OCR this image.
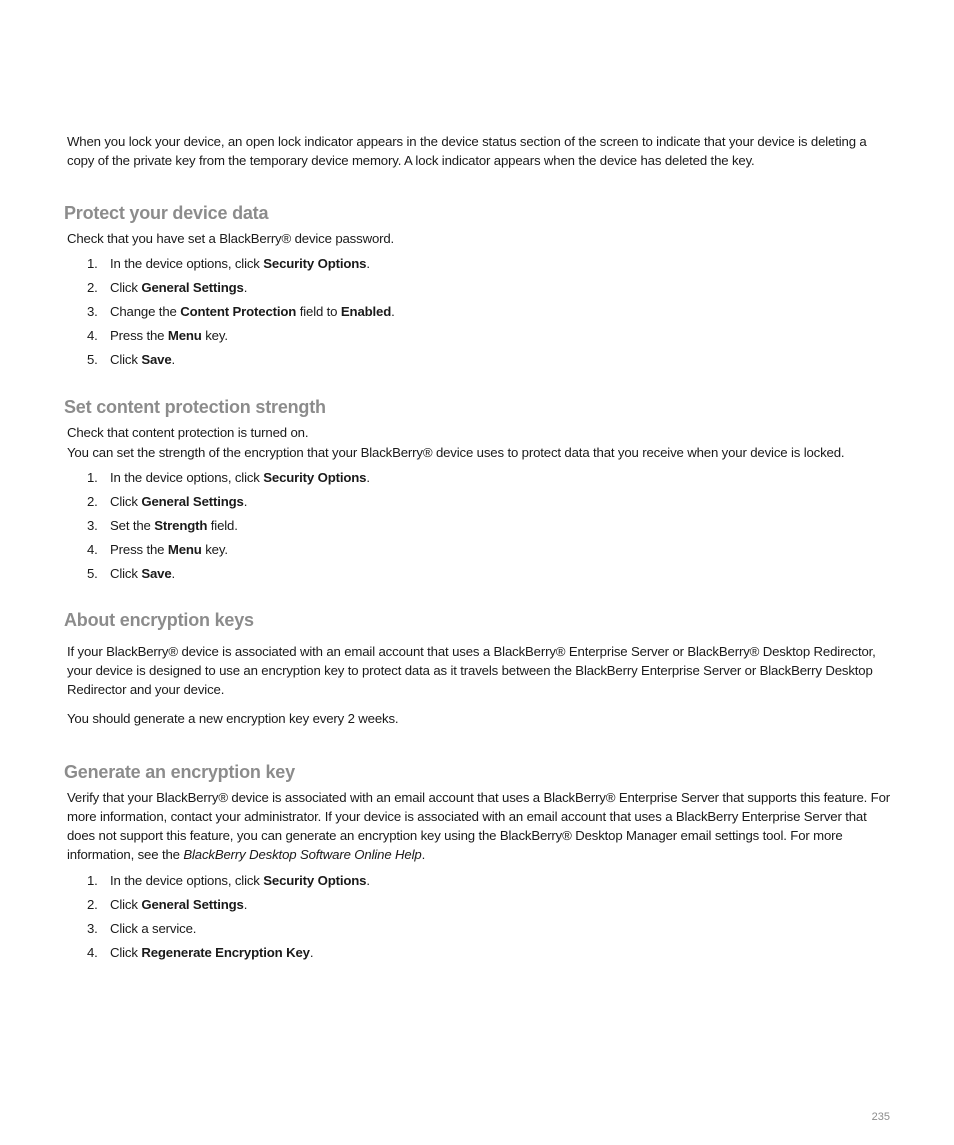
When you lock your device, an open lock indicator appears in the device status section of the screen to indicate that your device is deleting a copy of the private key from the temporary device memory. A lock indicator appears when the device has deleted the key.

Protect your device data

Check that you have set a BlackBerry® device password.

1. In the device options, click Security Options.
2. Click General Settings.
3. Change the Content Protection field to Enabled.
4. Press the Menu key.
5. Click Save.
Set content protection strength

Check that content protection is turned on.

You can set the strength of the encryption that your BlackBerry® device uses to protect data that you receive when your device is locked.

1. In the device options, click Security Options.
2. Click General Settings.
3. Set the Strength field.
4. Press the Menu key.
5. Click Save.
About encryption keys

If your BlackBerry® device is associated with an email account that uses a BlackBerry® Enterprise Server or BlackBerry® Desktop Redirector, your device is designed to use an encryption key to protect data as it travels between the BlackBerry Enterprise Server or BlackBerry Desktop Redirector and your device.

You should generate a new encryption key every 2 weeks.

Generate an encryption key

Verify that your BlackBerry® device is associated with an email account that uses a BlackBerry® Enterprise Server that supports this feature. For more information, contact your administrator. If your device is associated with an email account that uses a BlackBerry Enterprise Server that does not support this feature, you can generate an encryption key using the BlackBerry® Desktop Manager email settings tool. For more information, see the BlackBerry Desktop Software Online Help.

1. In the device options, click Security Options.
2. Click General Settings.
3. Click a service.
4. Click Regenerate Encryption Key.
235
